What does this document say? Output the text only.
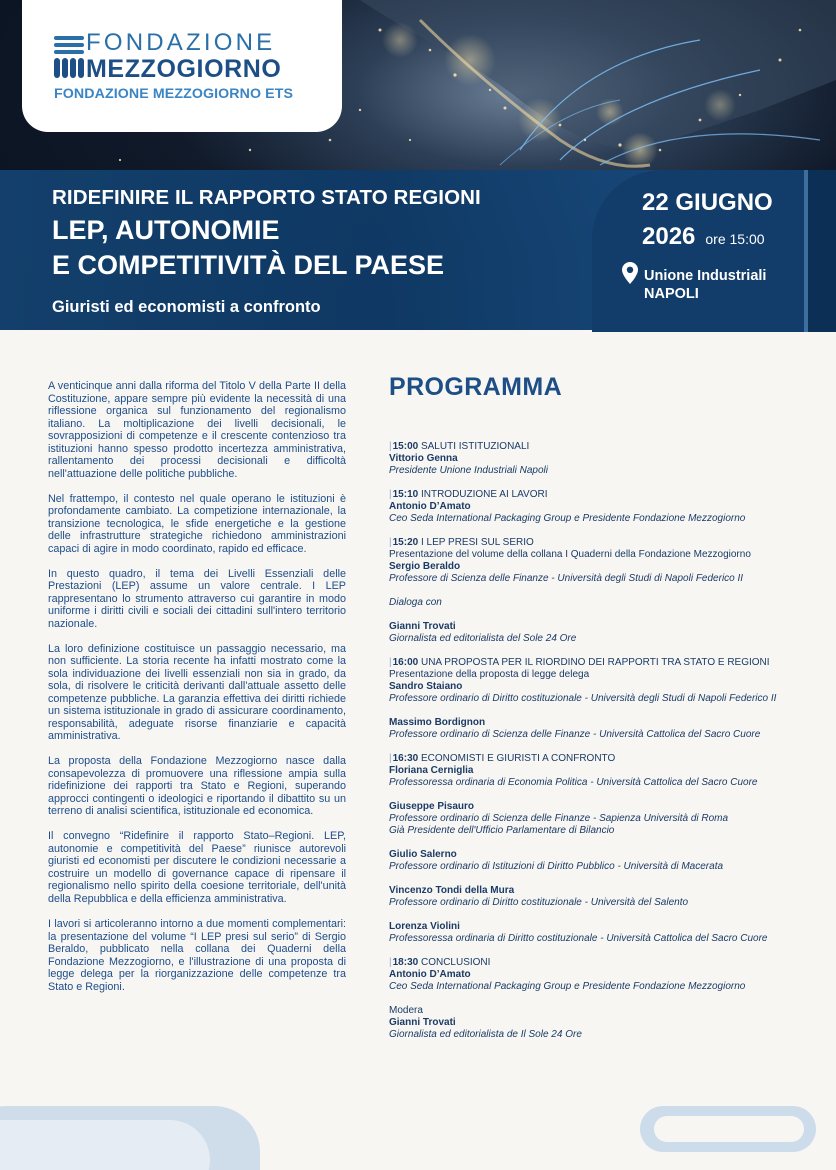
FONDAZIONE
MEZZOGIORNO
FONDAZIONE MEZZOGIORNO ETS
RIDEFINIRE IL RAPPORTO STATO REGIONI
LEP, AUTONOMIE
E COMPETITIVITÀ DEL PAESE
Giuristi ed economisti a confronto
22 GIUGNO
2026 ore 15:00
Unione Industriali
NAPOLI

A venticinque anni dalla riforma del Titolo V della Parte II della Costituzione, appare sempre più evidente la necessità di una riflessione organica sul funzionamento del regionalismo italiano. La moltiplicazione dei livelli decisionali, le sovrapposizioni di competenze e il crescente contenzioso tra istituzioni hanno spesso prodotto incertezza amministrativa, rallentamento dei processi decisionali e difficoltà nell'attuazione delle politiche pubbliche.

Nel frattempo, il contesto nel quale operano le istituzioni è profondamente cambiato. La competizione internazionale, la transizione tecnologica, le sfide energetiche e la gestione delle infrastrutture strategiche richiedono amministrazioni capaci di agire in modo coordinato, rapido ed efficace.

In questo quadro, il tema dei Livelli Essenziali delle Prestazioni (LEP) assume un valore centrale. I LEP rappresentano lo strumento attraverso cui garantire in modo uniforme i diritti civili e sociali dei cittadini sull'intero territorio nazionale.

La loro definizione costituisce un passaggio necessario, ma non sufficiente. La storia recente ha infatti mostrato come la sola individuazione dei livelli essenziali non sia in grado, da sola, di risolvere le criticità derivanti dall'attuale assetto delle competenze pubbliche. La garanzia effettiva dei diritti richiede un sistema istituzionale in grado di assicurare coordinamento, responsabilità, adeguate risorse finanziarie e capacità amministrativa.

La proposta della Fondazione Mezzogiorno nasce dalla consapevolezza di promuovere una riflessione ampia sulla ridefinizione dei rapporti tra Stato e Regioni, superando approcci contingenti o ideologici e riportando il dibattito su un terreno di analisi scientifica, istituzionale ed economica.

Il convegno “Ridefinire il rapporto Stato–Regioni. LEP, autonomie e competitività del Paese” riunisce autorevoli giuristi ed economisti per discutere le condizioni necessarie a costruire un modello di governance capace di ripensare il regionalismo nello spirito della coesione territoriale, dell'unità della Repubblica e della efficienza amministrativa.

I lavori si articoleranno intorno a due momenti complementari: la presentazione del volume “I LEP presi sul serio” di Sergio Beraldo, pubblicato nella collana dei Quaderni della Fondazione Mezzogiorno, e l'illustrazione di una proposta di legge delega per la riorganizzazione delle competenze tra Stato e Regioni.

PROGRAMMA
|15:00 SALUTI ISTITUZIONALI
Vittorio Genna
Presidente Unione Industriali Napoli
|15:10 INTRODUZIONE AI LAVORI
Antonio D’Amato
Ceo Seda International Packaging Group e Presidente Fondazione Mezzogiorno
|15:20 I LEP PRESI SUL SERIO
Presentazione del volume della collana I Quaderni della Fondazione Mezzogiorno
Sergio Beraldo
Professore di Scienza delle Finanze - Università degli Studi di Napoli Federico II
Dialoga con
Gianni Trovati
Giornalista ed editorialista del Sole 24 Ore
|16:00 UNA PROPOSTA PER IL RIORDINO DEI RAPPORTI TRA STATO E REGIONI
Presentazione della proposta di legge delega
Sandro Staiano
Professore ordinario di Diritto costituzionale - Università degli Studi di Napoli Federico II
Massimo Bordignon
Professore ordinario di Scienza delle Finanze - Università Cattolica del Sacro Cuore
|16:30 ECONOMISTI E GIURISTI A CONFRONTO
Floriana Cerniglia
Professoressa ordinaria di Economia Politica - Università Cattolica del Sacro Cuore
Giuseppe Pisauro
Professore ordinario di Scienza delle Finanze - Sapienza Università di Roma
Già Presidente dell'Ufficio Parlamentare di Bilancio
Giulio Salerno
Professore ordinario di Istituzioni di Diritto Pubblico - Università di Macerata
Vincenzo Tondi della Mura
Professore ordinario di Diritto costituzionale - Università del Salento
Lorenza Violini
Professoressa ordinaria di Diritto costituzionale - Università Cattolica del Sacro Cuore
|18:30 CONCLUSIONI
Antonio D’Amato
Ceo Seda International Packaging Group e Presidente Fondazione Mezzogiorno
Modera
Gianni Trovati
Giornalista ed editorialista de Il Sole 24 Ore
